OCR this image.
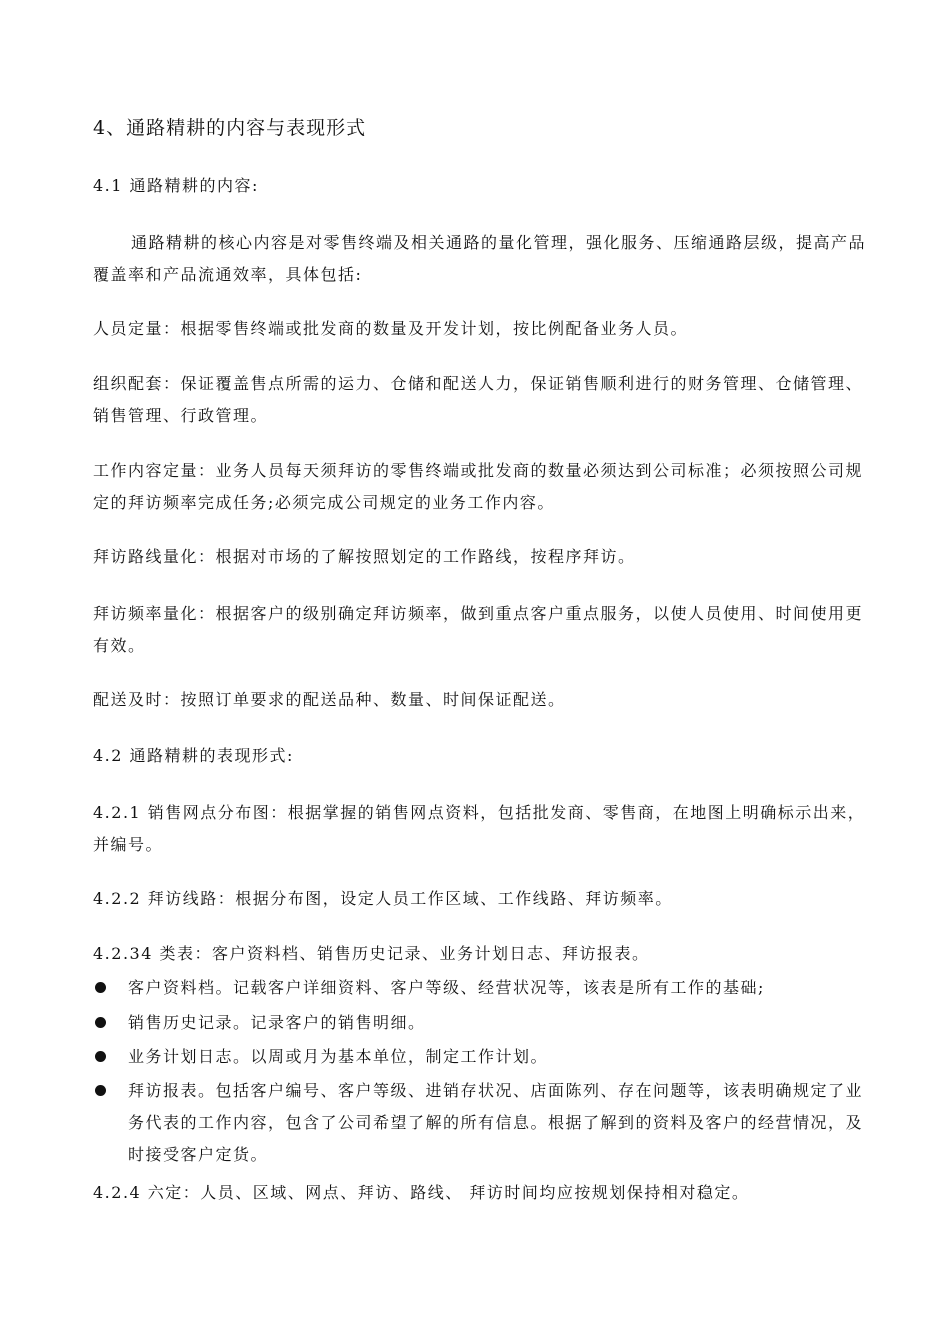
4、通路精耕的内容与表现形式
4.1 通路精耕的内容:
通路精耕的核心内容是对零售终端及相关通路的量化管理，强化服务、压缩通路层级，提高产品覆盖率和产品流通效率，具体包括:
人员定量：根据零售终端或批发商的数量及开发计划，按比例配备业务人员。
组织配套：保证覆盖售点所需的运力、仓储和配送人力，保证销售顺利进行的财务管理、仓储管理、销售管理、行政管理。
工作内容定量：业务人员每天须拜访的零售终端或批发商的数量必须达到公司标准；必须按照公司规定的拜访频率完成任务;必须完成公司规定的业务工作内容。
拜访路线量化：根据对市场的了解按照划定的工作路线，按程序拜访。
拜访频率量化：根据客户的级别确定拜访频率，做到重点客户重点服务，以使人员使用、时间使用更有效。
配送及时：按照订单要求的配送品种、数量、时间保证配送。
4.2 通路精耕的表现形式:
4.2.1 销售网点分布图：根据掌握的销售网点资料，包括批发商、零售商，在地图上明确标示出来，并编号。
4.2.2 拜访线路：根据分布图，设定人员工作区域、工作线路、拜访频率。
4.2.34 类表：客户资料档、销售历史记录、业务计划日志、拜访报表。
客户资料档。记载客户详细资料、客户等级、经营状况等，该表是所有工作的基础;
销售历史记录。记录客户的销售明细。
业务计划日志。以周或月为基本单位，制定工作计划。
拜访报表。包括客户编号、客户等级、进销存状况、店面陈列、存在问题等，该表明确规定了业务代表的工作内容，包含了公司希望了解的所有信息。根据了解到的资料及客户的经营情况，及时接受客户定货。
4.2.4 六定：人员、区域、网点、拜访、路线、 拜访时间均应按规划保持相对稳定。
